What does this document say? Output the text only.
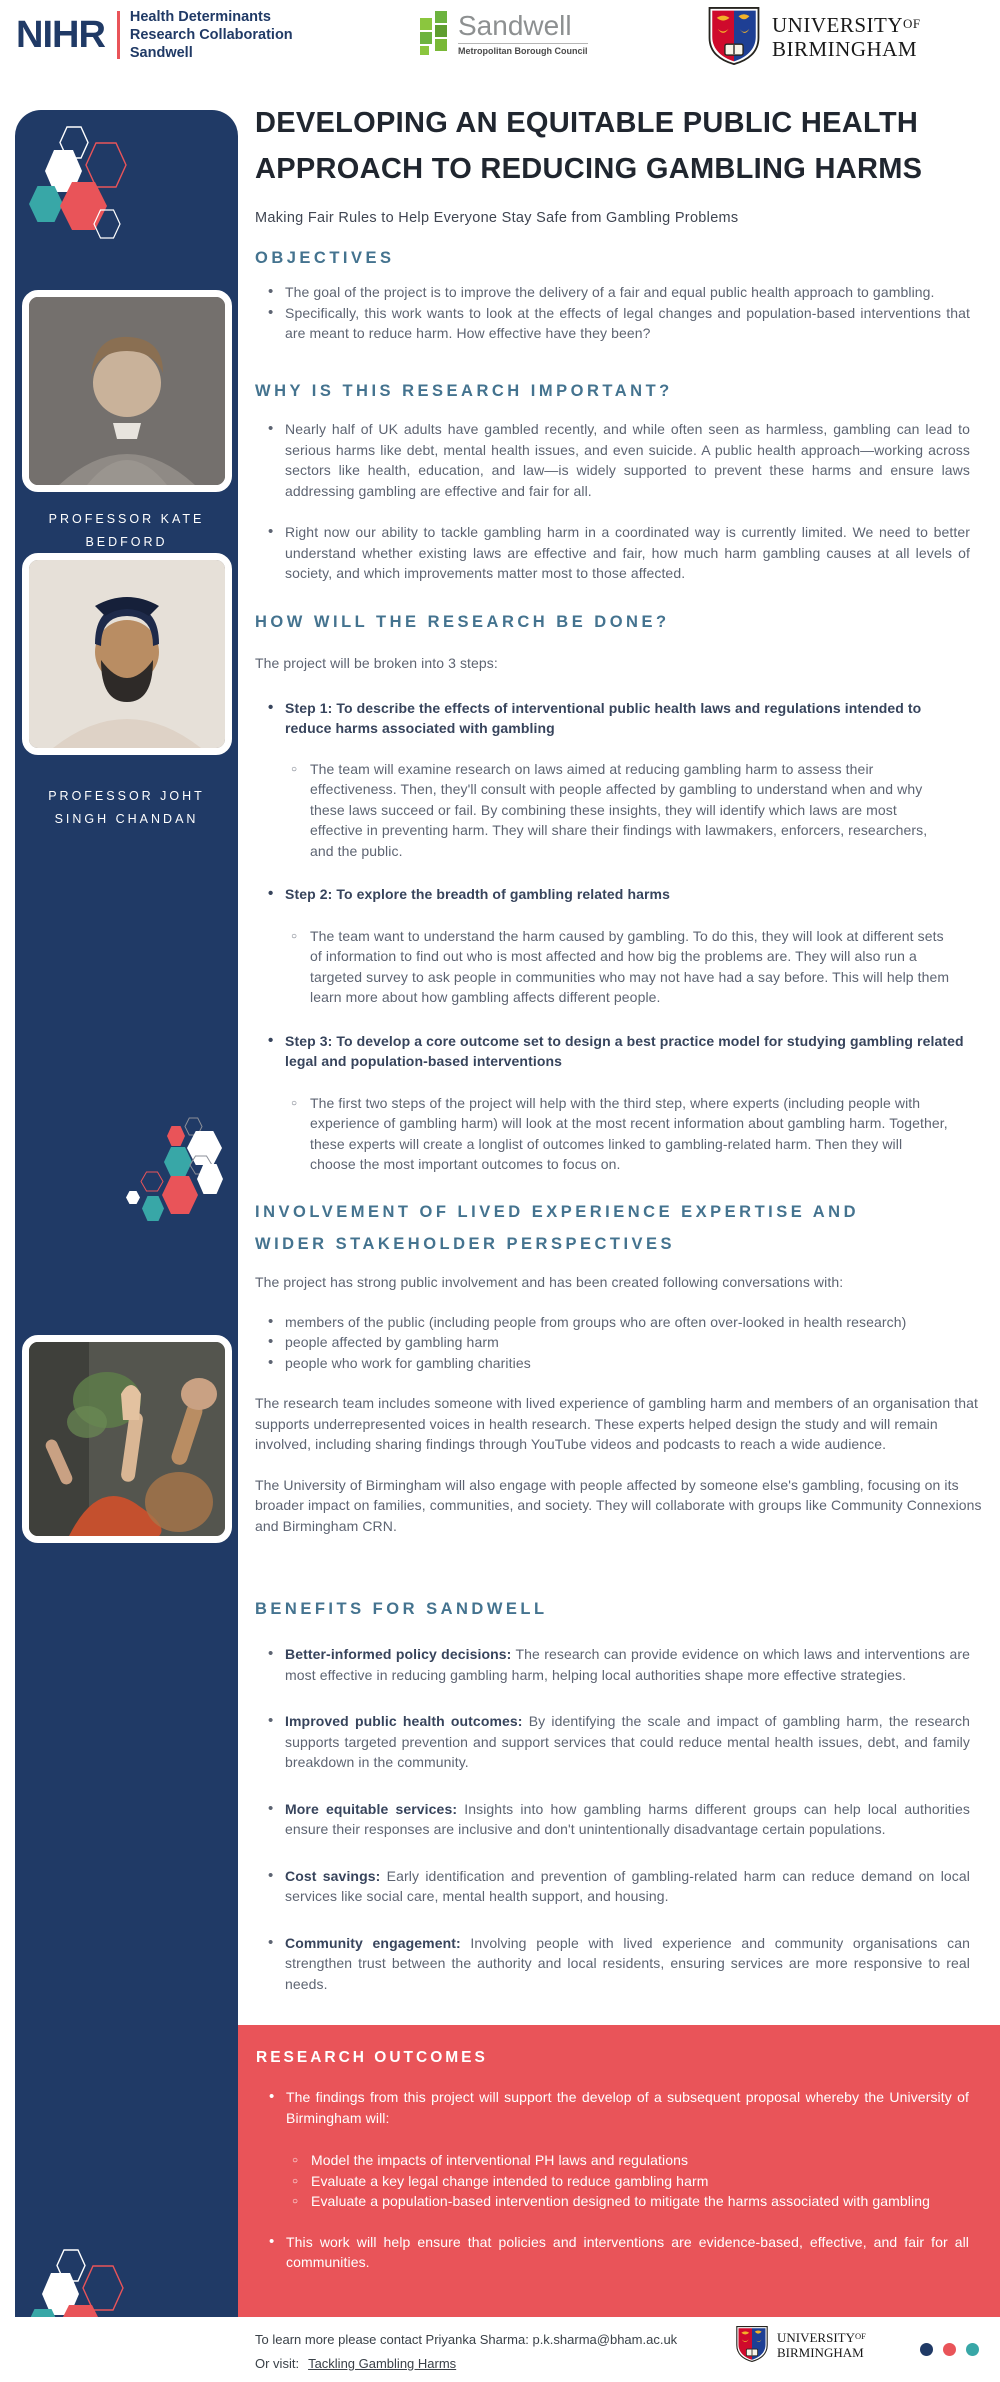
NIHR Health Determinants
Research Collaboration
Sandwell
Sandwell
Metropolitan Borough Council
UNIVERSITYOF
BIRMINGHAM
PROFESSOR KATE
BEDFORD
PROFESSOR JOHT
SINGH CHANDAN
DEVELOPING AN EQUITABLE PUBLIC HEALTH
APPROACH TO REDUCING GAMBLING HARMS
Making Fair Rules to Help Everyone Stay Safe from Gambling Problems
OBJECTIVES
• The goal of the project is to improve the delivery of a fair and equal public health approach to gambling.
• Specifically, this work wants to look at the effects of legal changes and population-based interventions that are meant to reduce harm. How effective have they been?
WHY IS THIS RESEARCH IMPORTANT?
• Nearly half of UK adults have gambled recently, and while often seen as harmless, gambling can lead to serious harms like debt, mental health issues, and even suicide. A public health approach—working across sectors like health, education, and law—is widely supported to prevent these harms and ensure laws addressing gambling are effective and fair for all.
• Right now our ability to tackle gambling harm in a coordinated way is currently limited. We need to better understand whether existing laws are effective and fair, how much harm gambling causes at all levels of society, and which improvements matter most to those affected.
HOW WILL THE RESEARCH BE DONE?

The project will be broken into 3 steps:

• Step 1: To describe the effects of interventional public health laws and regulations intended to reduce harms associated with gambling
○ The team will examine research on laws aimed at reducing gambling harm to assess their effectiveness. Then, they'll consult with people affected by gambling to understand when and why these laws succeed or fail. By combining these insights, they will identify which laws are most effective in preventing harm. They will share their findings with lawmakers, enforcers, researchers, and the public.
• Step 2: To explore the breadth of gambling related harms
○ The team want to understand the harm caused by gambling. To do this, they will look at different sets of information to find out who is most affected and how big the problems are. They will also run a targeted survey to ask people in communities who may not have had a say before. This will help them learn more about how gambling affects different people.
• Step 3: To develop a core outcome set to design a best practice model for studying gambling related legal and population-based interventions
○ The first two steps of the project will help with the third step, where experts (including people with experience of gambling harm) will look at the most recent information about gambling harm. Together, these experts will create a longlist of outcomes linked to gambling-related harm. Then they will choose the most important outcomes to focus on.
INVOLVEMENT OF LIVED EXPERIENCE EXPERTISE AND
WIDER STAKEHOLDER PERSPECTIVES

The project has strong public involvement and has been created following conversations with:

• members of the public (including people from groups who are often over-looked in health research)
• people affected by gambling harm
• people who work for gambling charities

The research team includes someone with lived experience of gambling harm and members of an organisation that supports underrepresented voices in health research. These experts helped design the study and will remain involved, including sharing findings through YouTube videos and podcasts to reach a wide audience.

The University of Birmingham will also engage with people affected by someone else's gambling, focusing on its broader impact on families, communities, and society. They will collaborate with groups like Community Connexions and Birmingham CRN.

BENEFITS FOR SANDWELL
• Better-informed policy decisions: The research can provide evidence on which laws and interventions are most effective in reducing gambling harm, helping local authorities shape more effective strategies.
• Improved public health outcomes: By identifying the scale and impact of gambling harm, the research supports targeted prevention and support services that could reduce mental health issues, debt, and family breakdown in the community.
• More equitable services: Insights into how gambling harms different groups can help local authorities ensure their responses are inclusive and don't unintentionally disadvantage certain populations.
• Cost savings: Early identification and prevention of gambling-related harm can reduce demand on local services like social care, mental health support, and housing.
• Community engagement: Involving people with lived experience and community organisations can strengthen trust between the authority and local residents, ensuring services are more responsive to real needs.
RESEARCH OUTCOMES
• The findings from this project will support the develop of a subsequent proposal whereby the University of Birmingham will:
○ Model the impacts of interventional PH laws and regulations
○ Evaluate a key legal change intended to reduce gambling harm
○ Evaluate a population-based intervention designed to mitigate the harms associated with gambling
• This work will help ensure that policies and interventions are evidence-based, effective, and fair for all communities.
To learn more please contact Priyanka Sharma: p.k.sharma@bham.ac.uk
Or visit: Tackling Gambling Harms
$UNIVERSITY^{OF}$
BIRMINGHAM
